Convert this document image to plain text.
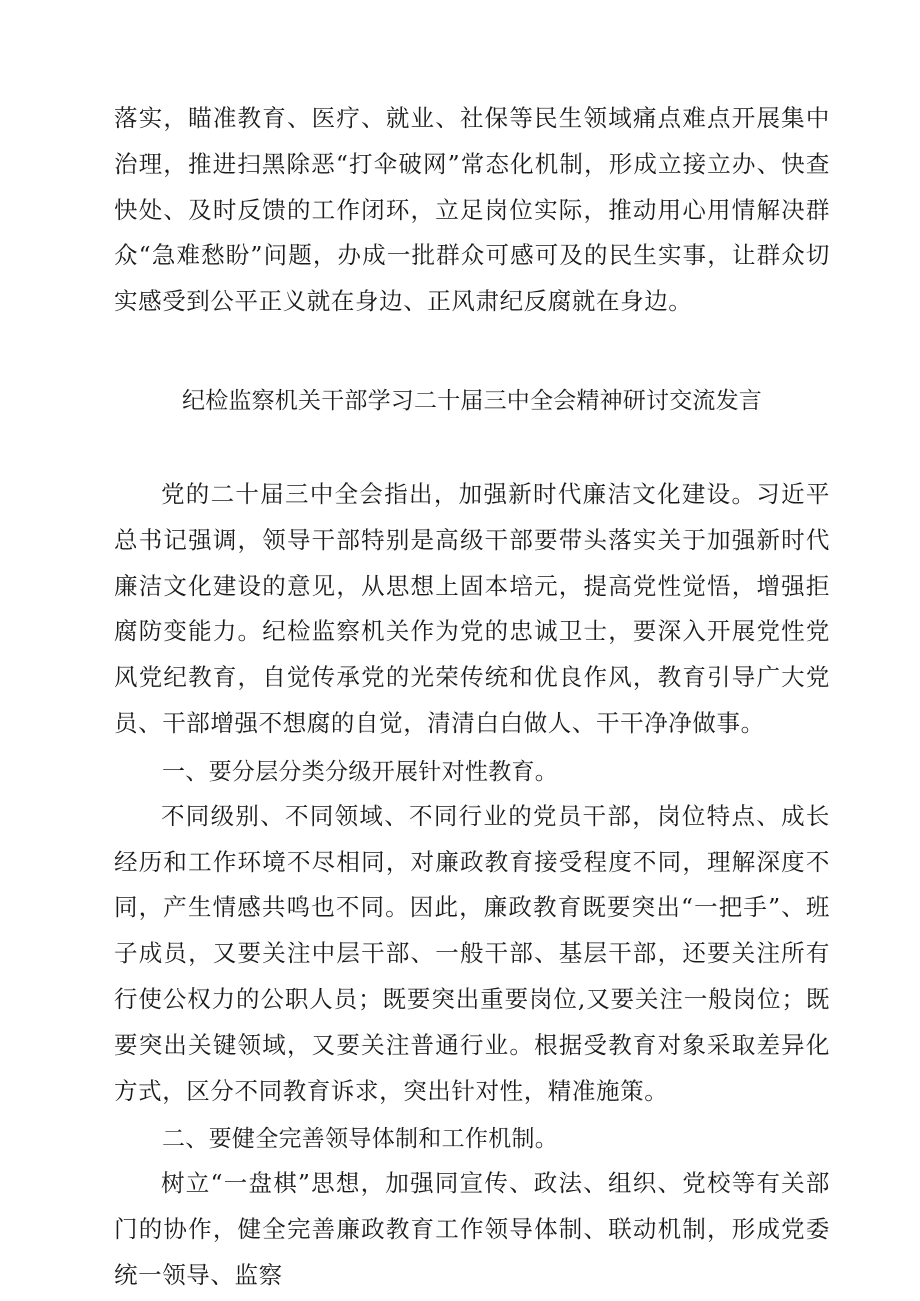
落实，瞄准教育、医疗、就业、社保等民生领域痛点难点开展集中治理，推进扫黑除恶“打伞破网”常态化机制，形成立接立办、快查快处、及时反馈的工作闭环，立足岗位实际，推动用心用情解决群众“急难愁盼”问题，办成一批群众可感可及的民生实事，让群众切实感受到公平正义就在身边、正风肃纪反腐就在身边。

纪检监察机关干部学习二十届三中全会精神研讨交流发言

党的二十届三中全会指出，加强新时代廉洁文化建设。习近平总书记强调，领导干部特别是高级干部要带头落实关于加强新时代廉洁文化建设的意见，从思想上固本培元，提高党性觉悟，增强拒腐防变能力。纪检监察机关作为党的忠诚卫士，要深入开展党性党风党纪教育，自觉传承党的光荣传统和优良作风，教育引导广大党员、干部增强不想腐的自觉，清清白白做人、干干净净做事。

一、要分层分类分级开展针对性教育。

不同级别、不同领域、不同行业的党员干部，岗位特点、成长经历和工作环境不尽相同，对廉政教育接受程度不同，理解深度不同，产生情感共鸣也不同。因此，廉政教育既要突出“一把手”、班子成员，又要关注中层干部、一般干部、基层干部，还要关注所有行使公权力的公职人员；既要突出重要岗位,又要关注一般岗位；既要突出关键领域，又要关注普通行业。根据受教育对象采取差异化方式，区分不同教育诉求，突出针对性，精准施策。

二、要健全完善领导体制和工作机制。

树立“一盘棋”思想，加强同宣传、政法、组织、党校等有关部门的协作，健全完善廉政教育工作领导体制、联动机制，形成党委统一领导、监察
